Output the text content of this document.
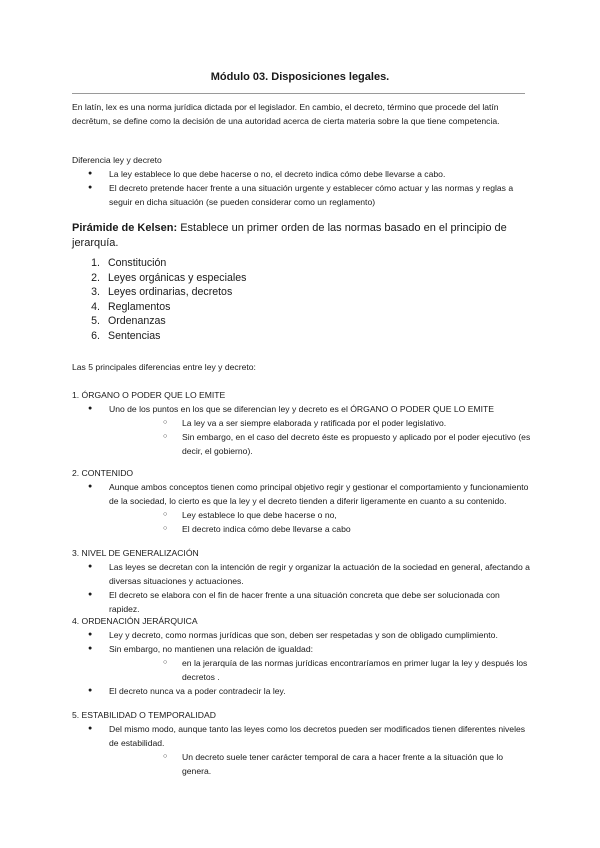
Módulo 03. Disposiciones legales.

En latín, lex es una norma jurídica dictada por el legislador. En cambio, el decreto, término que procede del latín decrētum, se define como la decisión de una autoridad acerca de cierta materia sobre la que tiene competencia.

Diferencia ley y decreto

● La ley establece lo que debe hacerse o no, el decreto indica cómo debe llevarse a cabo.
● El decreto pretende hacer frente a una situación urgente y establecer cómo actuar y las normas y reglas a seguir en dicha situación (se pueden considerar como un reglamento)

Pirámide de Kelsen: Establece un primer orden de las normas basado en el principio de jerarquía.

1. Constitución
2. Leyes orgánicas y especiales
3. Leyes ordinarias, decretos
4. Reglamentos
5. Ordenanzas
6. Sentencias

Las 5 principales diferencias entre ley y decreto:

1. ÓRGANO O PODER QUE LO EMITE

● Uno de los puntos en los que se diferencian ley y decreto es el ÓRGANO O PODER QUE LO EMITE
○ La ley va a ser siempre elaborada y ratificada por el poder legislativo.
○ Sin embargo, en el caso del decreto éste es propuesto y aplicado por el poder ejecutivo (es decir, el gobierno).

2. CONTENIDO

● Aunque ambos conceptos tienen como principal objetivo regir y gestionar el comportamiento y funcionamiento de la sociedad, lo cierto es que la ley y el decreto tienden a diferir ligeramente en cuanto a su contenido.
○ Ley establece lo que debe hacerse o no,
○ El decreto indica cómo debe llevarse a cabo

3. NIVEL DE GENERALIZACIÓN

● Las leyes se decretan con la intención de regir y organizar la actuación de la sociedad en general, afectando a diversas situaciones y actuaciones.
● El decreto se elabora con el fin de hacer frente a una situación concreta que debe ser solucionada con rapidez.

4. ORDENACIÓN JERÁRQUICA

● Ley y decreto, como normas jurídicas que son, deben ser respetadas y son de obligado cumplimiento.
● Sin embargo, no mantienen una relación de igualdad:
○ en la jerarquía de las normas jurídicas encontraríamos en primer lugar la ley y después los decretos .
● El decreto nunca va a poder contradecir la ley.

5. ESTABILIDAD O TEMPORALIDAD

● Del mismo modo, aunque tanto las leyes como los decretos pueden ser modificados tienen diferentes niveles de estabilidad.
○ Un decreto suele tener carácter temporal de cara a hacer frente a la situación que lo genera.
